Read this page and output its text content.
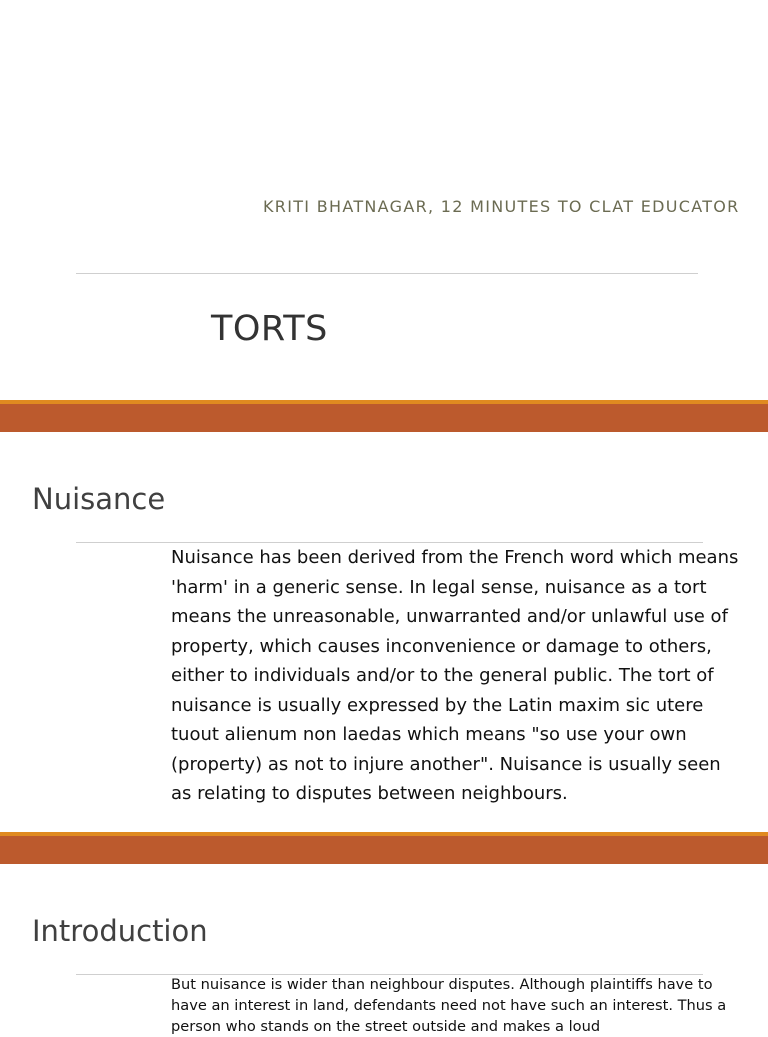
KRITI BHATNAGAR, 12 MINUTES TO CLAT EDUCATOR
TORTS
Nuisance
Nuisance has been derived from the French word which means 'harm' in a generic sense. In legal sense, nuisance as a tort means the unreasonable, unwarranted and/or unlawful use of property, which causes inconvenience or damage to others, either to individuals and/or to the general public. The tort of nuisance is usually expressed by the Latin maxim sic utere tuout alienum non laedas which means "so use your own (property) as not to injure another". Nuisance is usually seen as relating to disputes between neighbours.
Introduction
But nuisance is wider than neighbour disputes. Although plaintiffs have to have an interest in land, defendants need not have such an interest. Thus a person who stands on the street outside and makes a loud
